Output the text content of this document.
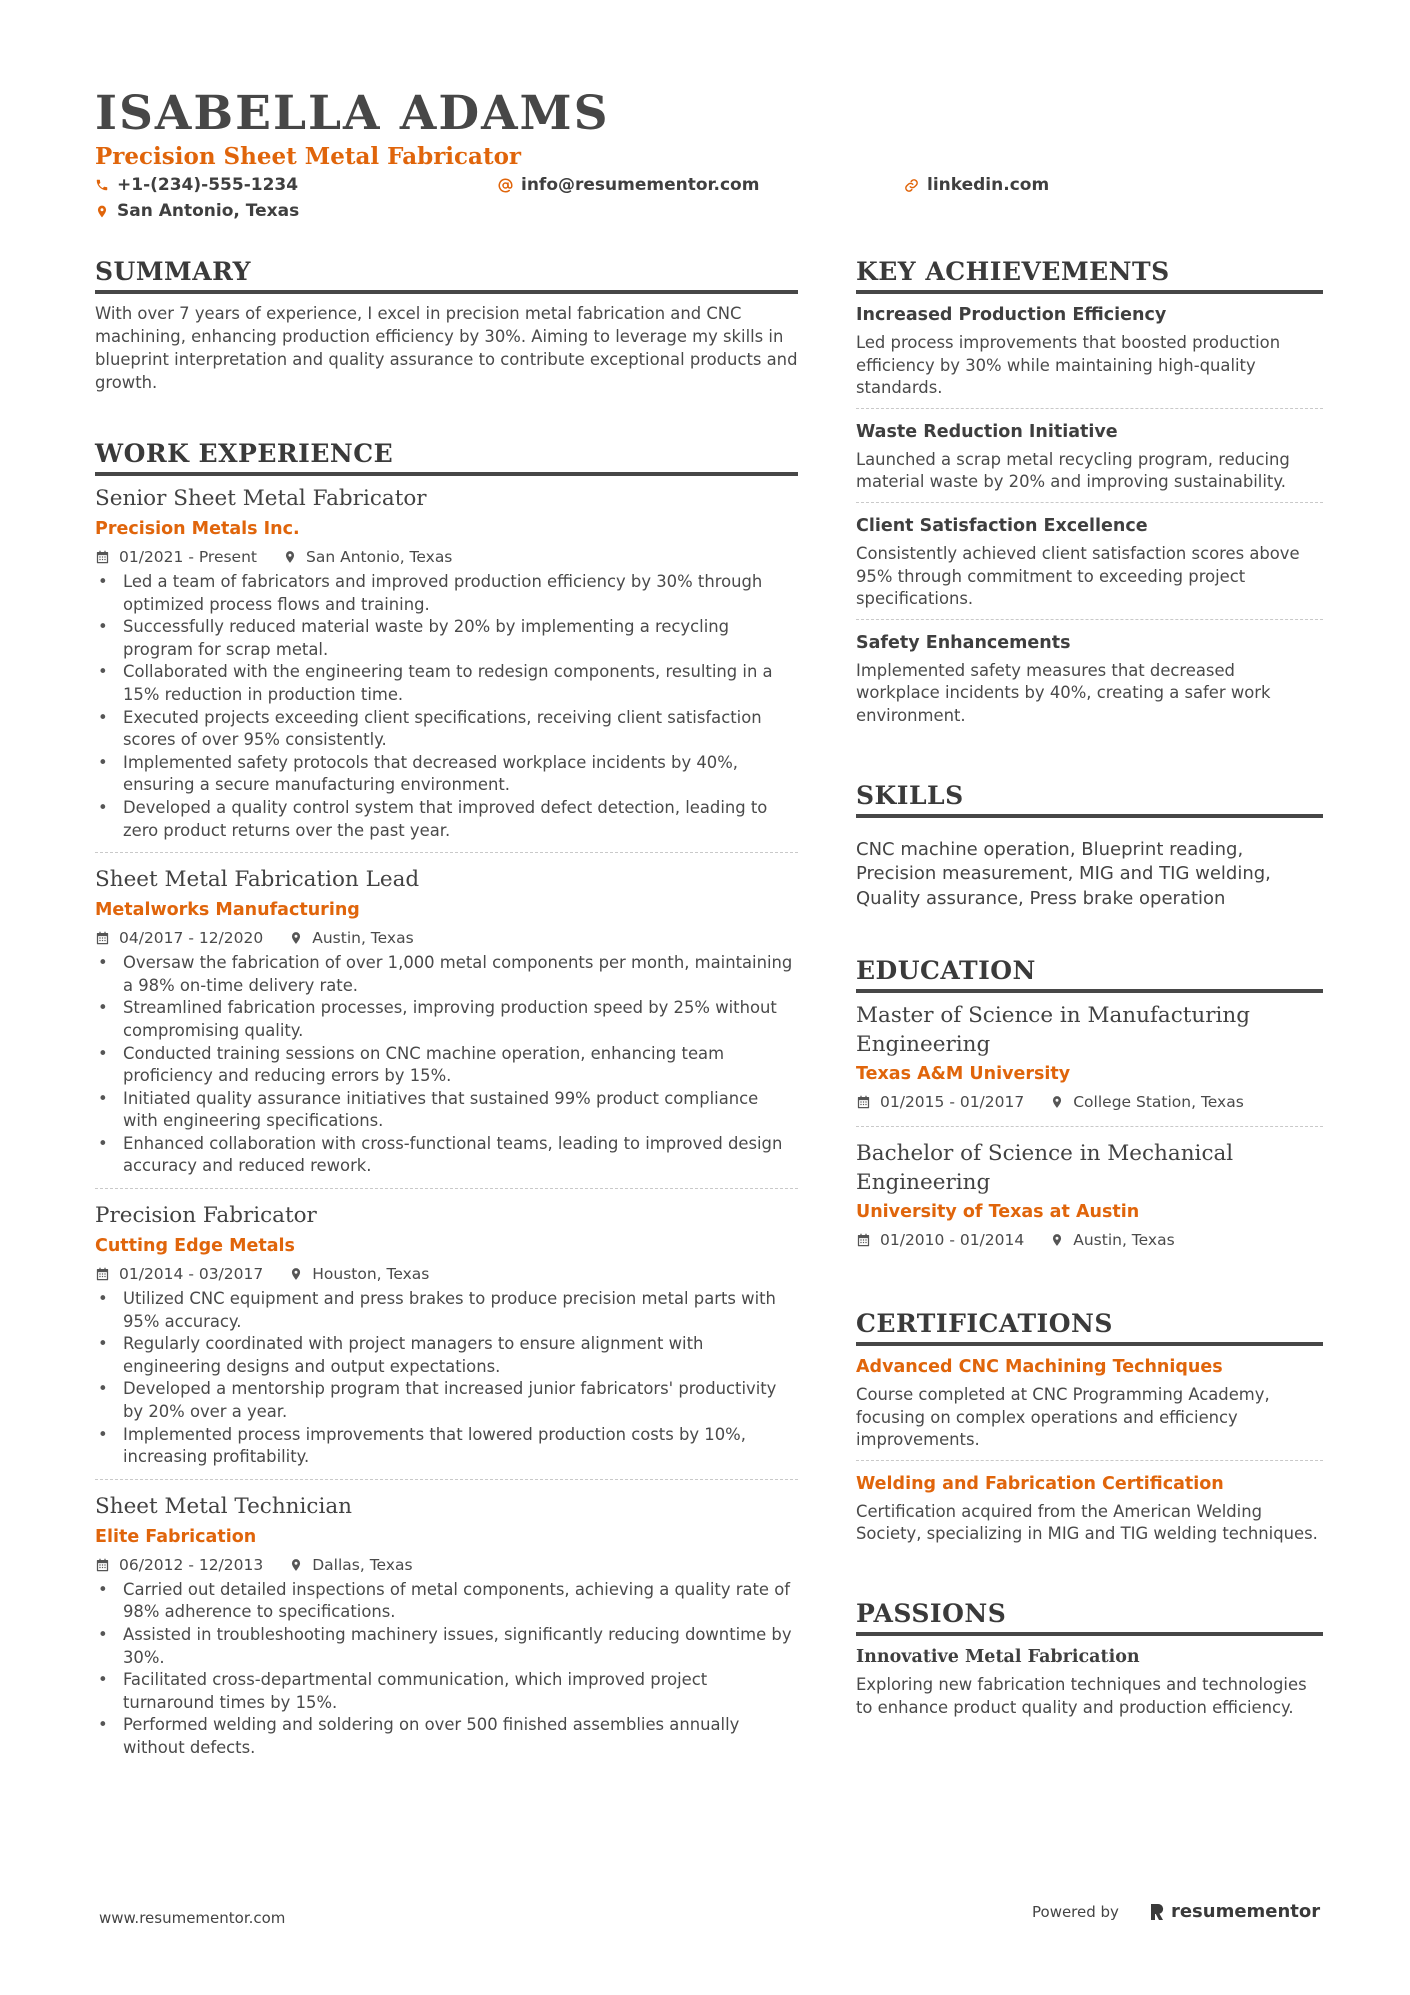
ISABELLA ADAMS
Precision Sheet Metal Fabricator
+1-(234)-555-1234	info@resumementor.com	linkedin.com
San Antonio, Texas
SUMMARY

With over 7 years of experience, I excel in precision metal fabrication and CNC machining, enhancing production efficiency by 30%. Aiming to leverage my skills in blueprint interpretation and quality assurance to contribute exceptional products and growth.

WORK EXPERIENCE
Senior Sheet Metal Fabricator
Precision Metals Inc.
01/2021 - Present	San Antonio, Texas
• Led a team of fabricators and improved production efficiency by 30% through optimized process flows and training.
• Successfully reduced material waste by 20% by implementing a recycling program for scrap metal.
• Collaborated with the engineering team to redesign components, resulting in a 15% reduction in production time.
• Executed projects exceeding client specifications, receiving client satisfaction scores of over 95% consistently.
• Implemented safety protocols that decreased workplace incidents by 40%, ensuring a secure manufacturing environment.
• Developed a quality control system that improved defect detection, leading to zero product returns over the past year.
Sheet Metal Fabrication Lead
Metalworks Manufacturing
04/2017 - 12/2020	Austin, Texas
• Oversaw the fabrication of over 1,000 metal components per month, maintaining a 98% on-time delivery rate.
• Streamlined fabrication processes, improving production speed by 25% without compromising quality.
• Conducted training sessions on CNC machine operation, enhancing team proficiency and reducing errors by 15%.
• Initiated quality assurance initiatives that sustained 99% product compliance with engineering specifications.
• Enhanced collaboration with cross-functional teams, leading to improved design accuracy and reduced rework.
Precision Fabricator
Cutting Edge Metals
01/2014 - 03/2017	Houston, Texas
• Utilized CNC equipment and press brakes to produce precision metal parts with 95% accuracy.
• Regularly coordinated with project managers to ensure alignment with engineering designs and output expectations.
• Developed a mentorship program that increased junior fabricators' productivity by 20% over a year.
• Implemented process improvements that lowered production costs by 10%, increasing profitability.
Sheet Metal Technician
Elite Fabrication
06/2012 - 12/2013	Dallas, Texas
• Carried out detailed inspections of metal components, achieving a quality rate of 98% adherence to specifications.
• Assisted in troubleshooting machinery issues, significantly reducing downtime by 30%.
• Facilitated cross-departmental communication, which improved project turnaround times by 15%.
• Performed welding and soldering on over 500 finished assemblies annually without defects.
KEY ACHIEVEMENTS
Increased Production Efficiency
Led process improvements that boosted production efficiency by 30% while maintaining high-quality standards.
Waste Reduction Initiative
Launched a scrap metal recycling program, reducing material waste by 20% and improving sustainability.
Client Satisfaction Excellence
Consistently achieved client satisfaction scores above 95% through commitment to exceeding project specifications.
Safety Enhancements
Implemented safety measures that decreased workplace incidents by 40%, creating a safer work environment.
SKILLS

CNC machine operation, Blueprint reading, Precision measurement, MIG and TIG welding, Quality assurance, Press brake operation

EDUCATION
Master of Science in Manufacturing Engineering
Texas A&M University
01/2015 - 01/2017	College Station, Texas
Bachelor of Science in Mechanical Engineering
University of Texas at Austin
01/2010 - 01/2014	Austin, Texas
CERTIFICATIONS
Advanced CNC Machining Techniques
Course completed at CNC Programming Academy, focusing on complex operations and efficiency improvements.
Welding and Fabrication Certification
Certification acquired from the American Welding Society, specializing in MIG and TIG welding techniques.
PASSIONS
Innovative Metal Fabrication
Exploring new fabrication techniques and technologies to enhance product quality and production efficiency.
www.resumementor.com	Powered by	resumementor
